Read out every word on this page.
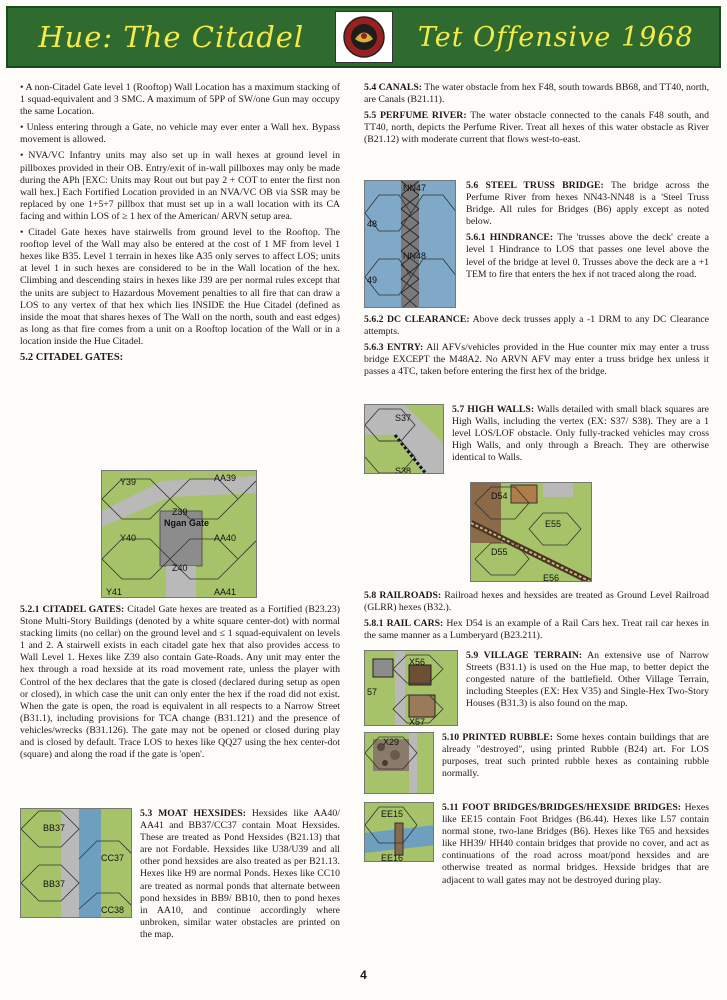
Hue: The Citadel	Tet Offensive 1968

• A non-Citadel Gate level 1 (Rooftop) Wall Location has a maximum stacking of 1 squad-equivalent and 3 SMC. A maximum of 5PP of SW/one Gun may occupy the same Location.

• Unless entering through a Gate, no vehicle may ever enter a Wall hex. Bypass movement is allowed.

• NVA/VC Infantry units may also set up in wall hexes at ground level in pillboxes provided in their OB. Entry/exit of in-wall pillboxes may only be made during the APh [EXC: Units may Rout out but pay 2 + COT to enter the first non wall hex.] Each Fortified Location provided in an NVA/VC OB via SSR may be replaced by one 1+5+7 pillbox that must set up in a wall location with its CA facing and within LOS of ≥ 1 hex of the American/ ARVN setup area.

• Citadel Gate hexes have stairwells from ground level to the Rooftop. The rooftop level of the Wall may also be entered at the cost of 1 MF from level 1 hexes like B35. Level 1 terrain in hexes like A35 only serves to affect LOS; units at level 1 in such hexes are considered to be in the Wall location of the hex. Climbing and descending stairs in hexes like J39 are per normal rules except that the units are subject to Hazardous Movement penalties to all fire that can draw a LOS to any vertex of that hex which lies INSIDE the Hue Citadel (defined as inside the moat that shares hexes of The Wall on the north, south and east edges) as long as that fire comes from a unit on a Rooftop location of the Wall or in a location inside the Hue Citadel.

5.2 CITADEL GATES:
Y39	AA39
Z39
Ngan Gate
Y40	AA40
Z40
Y41	AA41

5.2.1 CITADEL GATES: Citadel Gate hexes are treated as a Fortified (B23.23) Stone Multi-Story Buildings (denoted by a white square center-dot) with normal stacking limits (no cellar) on the ground level and ≤ 1 squad-equivalent on levels 1 and 2. A stairwell exists in each citadel gate hex that also provides access to Wall Level 1. Hexes like Z39 also contain Gate-Roads. Any unit may enter the hex through a road hexside at its road movement rate, unless the player with Control of the hex declares that the gate is closed (declared during setup as open or closed), in which case the unit can only enter the hex if the road did not exist. When the gate is open, the road is equivalent in all respects to a Narrow Street (B31.1), including provisions for TCA change (B31.121) and the presence of vehicles/wrecks (B31.126). The gate may not be opened or closed during play and is closed by default. Trace LOS to hexes like QQ27 using the hex center-dot (square) and along the road if the gate is 'open'.

BB37
CC37
BB37
CC38

5.3 MOAT HEXSIDES: Hexsides like AA40/ AA41 and BB37/CC37 contain Moat Hexsides. These are treated as Pond Hexsides (B21.13) that are not Fordable. Hexsides like U38/U39 and all other pond hexsides are also treated as per B21.13. Hexes like H9 are normal Ponds. Hexes like CC10 are treated as normal ponds that alternate between pond hexsides in BB9/ BB10, then to pond hexes in AA10, and continue accordingly where unbroken, similar water obstacles are printed on the map.

5.4 CANALS: The water obstacle from hex F48, south towards BB68, and TT40, north, are Canals (B21.11).

5.5 PERFUME RIVER: The water obstacle connected to the canals F48 south, and TT40, north, depicts the Perfume River. Treat all hexes of this water obstacle as River (B21.12) with moderate current that flows west-to-east.

NN47
48
NN48
49

5.6 STEEL TRUSS BRIDGE: The bridge across the Perfume River from hexes NN43-NN48 is a 'Steel Truss Bridge. All rules for Bridges (B6) apply except as noted below.

5.6.1 HINDRANCE: The 'trusses above the deck' create a level 1 Hindrance to LOS that passes one level above the level of the bridge at level 0. Trusses above the deck are a +1 TEM to fire that enters the hex if not traced along the road.

5.6.2 DC CLEARANCE: Above deck trusses apply a -1 DRM to any DC Clearance attempts.

5.6.3 ENTRY: All AFVs/vehicles provided in the Hue counter mix may enter a truss bridge EXCEPT the M48A2. No ARVN AFV may enter a truss bridge hex unless it passes a 4TC, taken before entering the first hex of the bridge.

S37
S38

5.7 HIGH WALLS: Walls detailed with small black squares are High Walls, including the vertex (EX: S37/ S38). They are a 1 level LOS/LOF obstacle. Only fully-tracked vehicles may cross High Walls, and only through a Breach. They are otherwise identical to Walls.

D54
E55
D55
E56

5.8 RAILROADS: Railroad hexes and hexsides are treated as Ground Level Railroad (GLRR) hexes (B32.).

5.8.1 RAIL CARS: Hex D54 is an example of a Rail Cars hex. Treat rail car hexes in the same manner as a Lumberyard (B23.211).

X56
57
X57

5.9 VILLAGE TERRAIN: An extensive use of Narrow Streets (B31.1) is used on the Hue map, to better depict the congested nature of the battlefield. Other Village Terrain, including Steeples (EX: Hex V35) and Single-Hex Two-Story Houses (B31.3) is also found on the map.

X29	5.10 PRINTED RUBBLE: Some hexes contain buildings that are already "destroyed", using printed Rubble (B24) art. For LOS purposes, treat such printed rubble hexes as containing rubble normally.

EE15
EE16

5.11 FOOT BRIDGES/BRIDGES/HEXSIDE BRIDGES: Hexes like EE15 contain Foot Bridges (B6.44). Hexes like L57 contain normal stone, two-lane Bridges (B6). Hexes like T65 and hexsides like HH39/ HH40 contain bridges that provide no cover, and act as continuations of the road across moat/pond hexsides and are otherwise treated as normal bridges. Hexside bridges that are adjacent to wall gates may not be destroyed during play.

4
